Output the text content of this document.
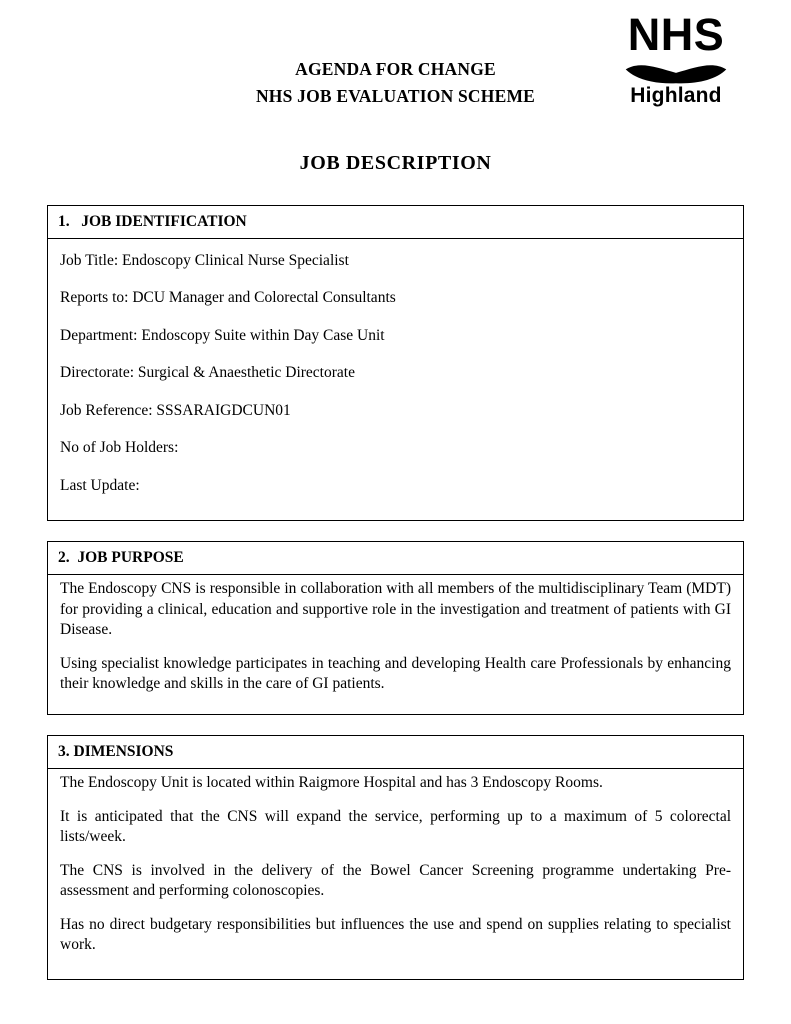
AGENDA FOR CHANGE
NHS JOB EVALUATION SCHEME
NHS
Highland
JOB DESCRIPTION
1.   JOB IDENTIFICATION

Job Title: Endoscopy Clinical Nurse Specialist

Reports to: DCU Manager and Colorectal Consultants

Department: Endoscopy Suite within Day Case Unit

Directorate: Surgical & Anaesthetic Directorate

Job Reference: SSSARAIGDCUN01

No of Job Holders:

Last Update:

2.  JOB PURPOSE

The Endoscopy CNS is responsible in collaboration with all members of the multidisciplinary Team (MDT) for providing a clinical, education and supportive role in the investigation and treatment of patients with GI Disease.

Using specialist knowledge participates in teaching and developing Health care Professionals by enhancing their knowledge and skills in the care of GI patients.

3. DIMENSIONS

The Endoscopy Unit is located within Raigmore Hospital and has 3 Endoscopy Rooms.

It is anticipated that the CNS will expand the service, performing up to a maximum of 5 colorectal lists/week.

The CNS is involved in the delivery of the Bowel Cancer Screening programme undertaking Pre-assessment and performing colonoscopies.

Has no direct budgetary responsibilities but influences the use and spend on supplies relating to specialist work.
